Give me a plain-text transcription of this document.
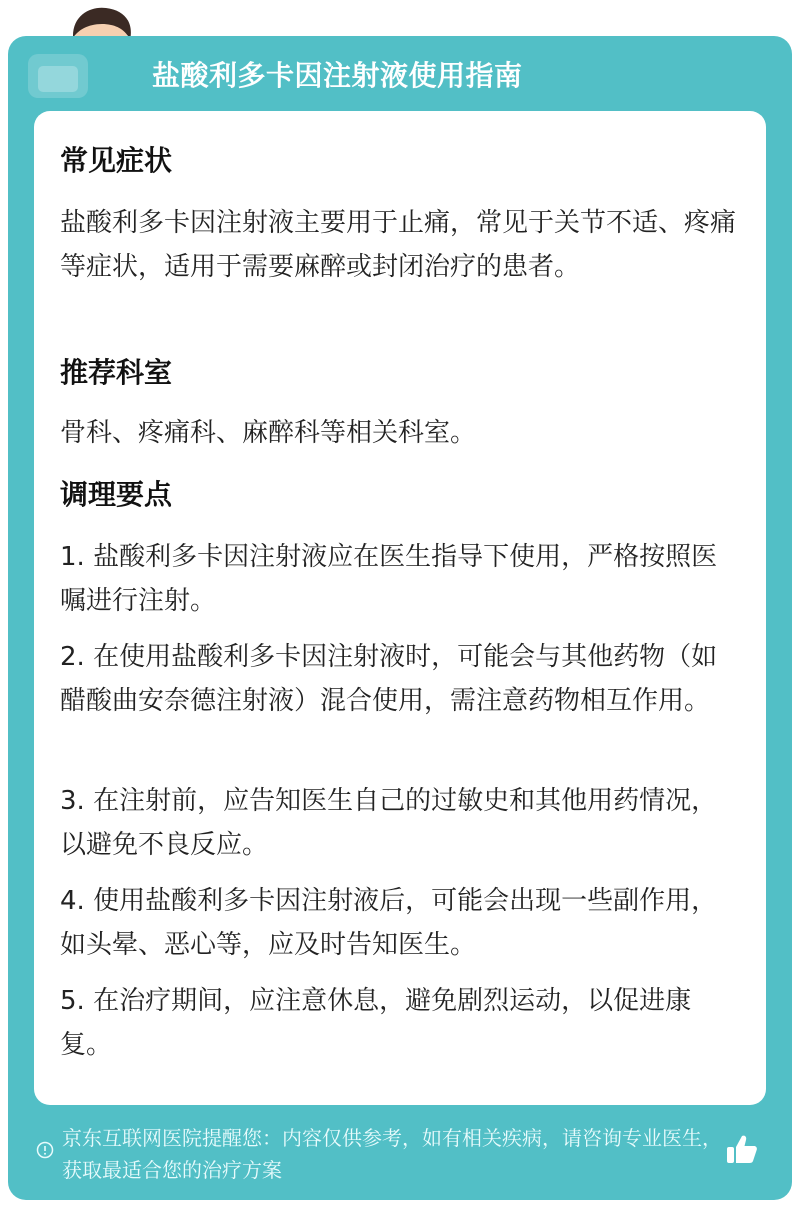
盐酸利多卡因注射液使用指南
常见症状
盐酸利多卡因注射液主要用于止痛，常见于关节不适、疼痛等症状，适用于需要麻醉或封闭治疗的患者。
推荐科室
骨科、疼痛科、麻醉科等相关科室。
调理要点
1. 盐酸利多卡因注射液应在医生指导下使用，严格按照医嘱进行注射。
2. 在使用盐酸利多卡因注射液时，可能会与其他药物（如醋酸曲安奈德注射液）混合使用，需注意药物相互作用。
3. 在注射前，应告知医生自己的过敏史和其他用药情况，以避免不良反应。
4. 使用盐酸利多卡因注射液后，可能会出现一些副作用，如头晕、恶心等，应及时告知医生。
5. 在治疗期间，应注意休息，避免剧烈运动，以促进康复。
京东互联网医院提醒您：内容仅供参考，如有相关疾病，请咨询专业医生，获取最适合您的治疗方案
